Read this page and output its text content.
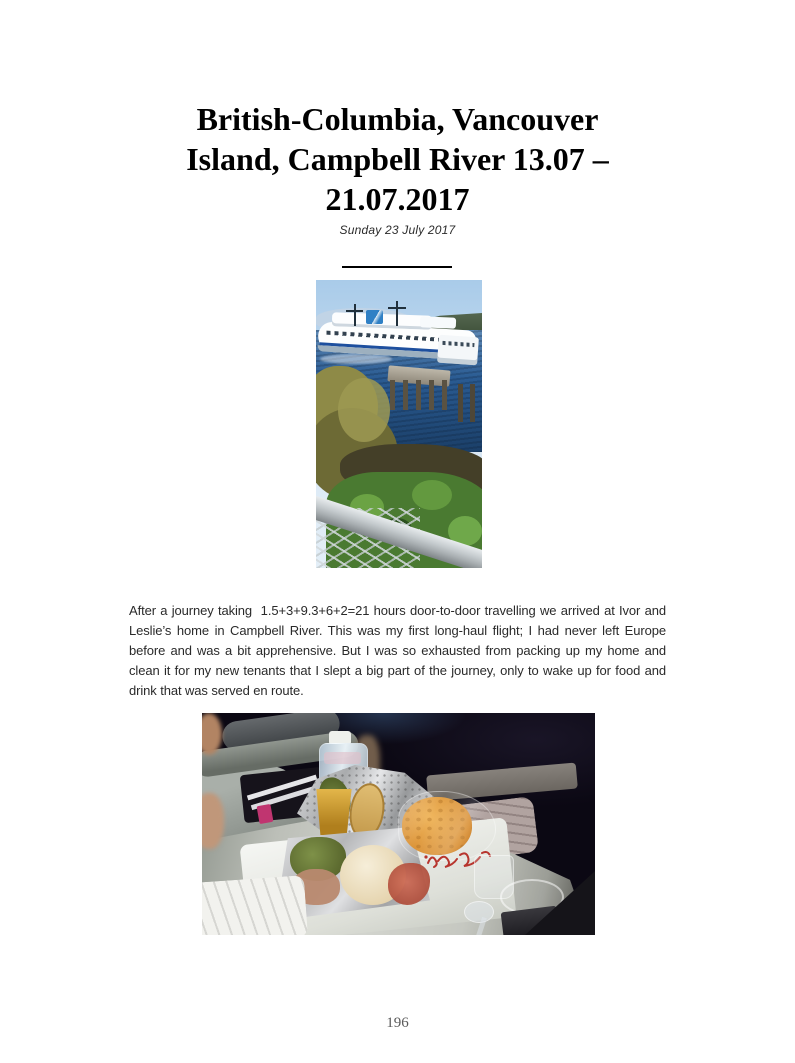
British-Columbia, Vancouver Island, Campbell River 13.07 – 21.07.2017
Sunday 23 July 2017

After a journey taking  1.5+3+9.3+6+2=21 hours door-to-door travelling we arrived at Ivor and Leslie’s home in Campbell River. This was my first long-haul flight; I had never left Europe before and was a bit apprehensive. But I was so exhausted from packing up my home and clean it for my new tenants that I slept a big part of the journey, only to wake up for food and drink that was served en route.

196
